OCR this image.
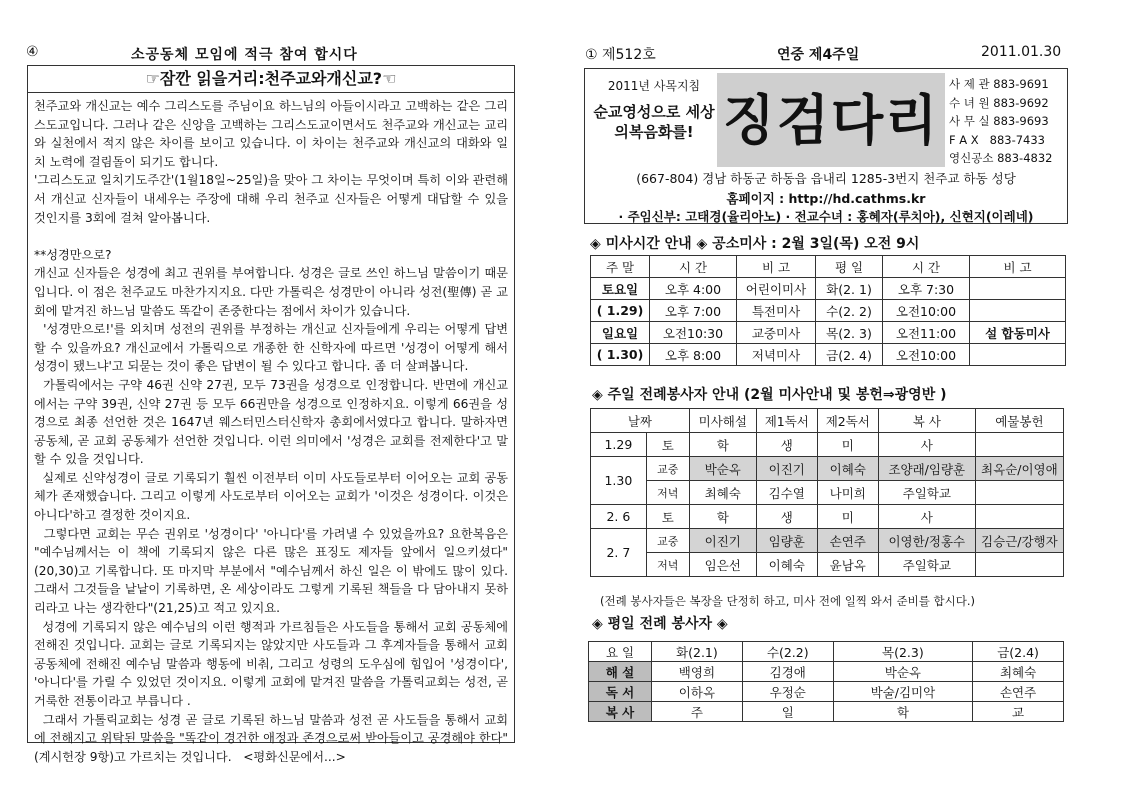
④	소공동체 모임에 적극 참여 합시다
☞잠깐 읽을거리:천주교와개신교?☜
천주교와 개신교는 예수 그리스도를 주님이요 하느님의 아들이시라고 고백하는 같은 그리스도교입니다. 그러나 같은 신앙을 고백하는 그리스도교이면서도 천주교와 개신교는 교리와 실천에서 적지 않은 차이를 보이고 있습니다. 이 차이는 천주교와 개신교의 대화와 일치 노력에 걸림돌이 되기도 합니다.
'그리스도교 일치기도주간'(1월18일~25일)을 맞아 그 차이는 무엇이며 특히 이와 관련해서 개신교 신자들이 내세우는 주장에 대해 우리 천주교 신자들은 어떻게 대답할 수 있을 것인지를 3회에 걸쳐 알아봅니다.

**성경만으로?
개신교 신자들은 성경에 최고 권위를 부여합니다. 성경은 글로 쓰인 하느님 말씀이기 때문입니다. 이 점은 천주교도 마찬가지지요. 다만 가톨릭은 성경만이 아니라 성전(聖傳) 곧 교회에 맡겨진 하느님 말씀도 똑같이 존중한다는 점에서 차이가 있습니다.
'성경만으로!'를 외치며 성전의 권위를 부정하는 개신교 신자들에게 우리는 어떻게 답변할 수 있을까요? 개신교에서 가톨릭으로 개종한 한 신학자에 따르면 '성경이 어떻게 해서 성경이 됐느냐'고 되묻는 것이 좋은 답변이 될 수 있다고 합니다. 좀 더 살펴봅니다.
가톨릭에서는 구약 46권 신약 27권, 모두 73권을 성경으로 인정합니다. 반면에 개신교에서는 구약 39권, 신약 27권 등 모두 66권만을 성경으로 인정하지요. 이렇게 66권을 성경으로 최종 선언한 것은 1647년 웨스터민스터신학자 총회에서였다고 합니다. 말하자면 공동체, 곧 교회 공동체가 선언한 것입니다. 이런 의미에서 '성경은 교회를 전제한다'고 말할 수 있을 것입니다.
실제로 신약성경이 글로 기록되기 훨씬 이전부터 이미 사도들로부터 이어오는 교회 공동체가 존재했습니다. 그리고 이렇게 사도로부터 이어오는 교회가 '이것은 성경이다. 이것은 아니다'하고 결정한 것이지요.
그렇다면 교회는 무슨 권위로 '성경이다' '아니다'를 가려낼 수 있었을까요? 요한복음은 "예수님께서는 이 책에 기록되지 않은 다른 많은 표징도 제자들 앞에서 일으키셨다"(20,30)고 기록합니다. 또 마지막 부분에서 "예수님께서 하신 일은 이 밖에도 많이 있다. 그래서 그것들을 낱낱이 기록하면, 온 세상이라도 그렇게 기록된 책들을 다 담아내지 못하리라고 나는 생각한다"(21,25)고 적고 있지요.
성경에 기록되지 않은 예수님의 이런 행적과 가르침들은 사도들을 통해서 교회 공동체에 전해진 것입니다. 교회는 글로 기록되지는 않았지만 사도들과 그 후계자들을 통해서 교회 공동체에 전해진 예수님 말씀과 행동에 비춰, 그리고 성령의 도우심에 힘입어 '성경이다', '아니다'를 가릴 수 있었던 것이지요. 이렇게 교회에 맡겨진 말씀을 가톨릭교회는 성전, 곧 거룩한 전통이라고 부릅니다 .
그래서 가톨릭교회는 성경 곧 글로 기록된 하느님 말씀과 성전 곧 사도들을 통해서 교회에 전해지고 위탁된 말씀을 "똑같이 경건한 애정과 존경으로써 받아들이고 공경해야 한다"(계시헌장 9항)고 가르치는 것입니다.   <평화신문에서...>
① 제512호	연중 제4주일	2011.01.30
2011년 사목지침
순교영성으로 세상의복음화를! 징검다리
사 제 관 883-9691
수 녀 원 883-9692
사 무 실 883-9693
F A X   883-7433
영신공소 883-4832
(667-804) 경남 하동군 하동읍 읍내리 1285-3번지 천주교 하동 성당
홈페이지 : http://hd.cathms.kr
· 주임신부: 고태경(율리아노) · 전교수녀 : 홍혜자(루치아), 신현지(이레네)
◈ 미사시간 안내 ◈ 공소미사 : 2월 3일(목) 오전 9시
주 말	시 간	비 고	평 일	시 간	비 고
토요일	오후 4:00	어린이미사	화(2. 1)	오후 7:30	
( 1.29)	오후 7:00	특전미사	수(2. 2)	오전10:00	
일요일	오전10:30	교중미사	목(2. 3)	오전11:00	설 합동미사
( 1.30)	오후 8:00	저녁미사	금(2. 4)	오전10:00	
◈ 주일 전례봉사자 안내 (2월 미사안내 및 봉헌⇒광영반 )
날짜		미사해설	제1독서	제2독서	복 사	예물봉헌
1.29	토	학	생	미	사	
1.30	교중	박순옥	이진기	이혜숙	조양래/임량훈	최옥순/이영애
	저녁	최혜숙	김수열	나미희	주일학교	
2. 6	토	학	생	미	사	
2. 7	교중	이진기	임량훈	손연주	이영한/정홍수	김승근/강행자
	저녁	임은선	이혜숙	윤남옥	주일학교	
(전례 봉사자들은 복장을 단정히 하고, 미사 전에 일찍 와서 준비를 합시다.)
◈ 평일 전례 봉사자 ◈
요 일	화(2.1)	수(2.2)	목(2.3)	금(2.4)
해 설	백영희	김경애	박순옥	최혜숙
독 서	이하옥	우정순	박술/김미악	손연주
복 사	주	일	학	교
